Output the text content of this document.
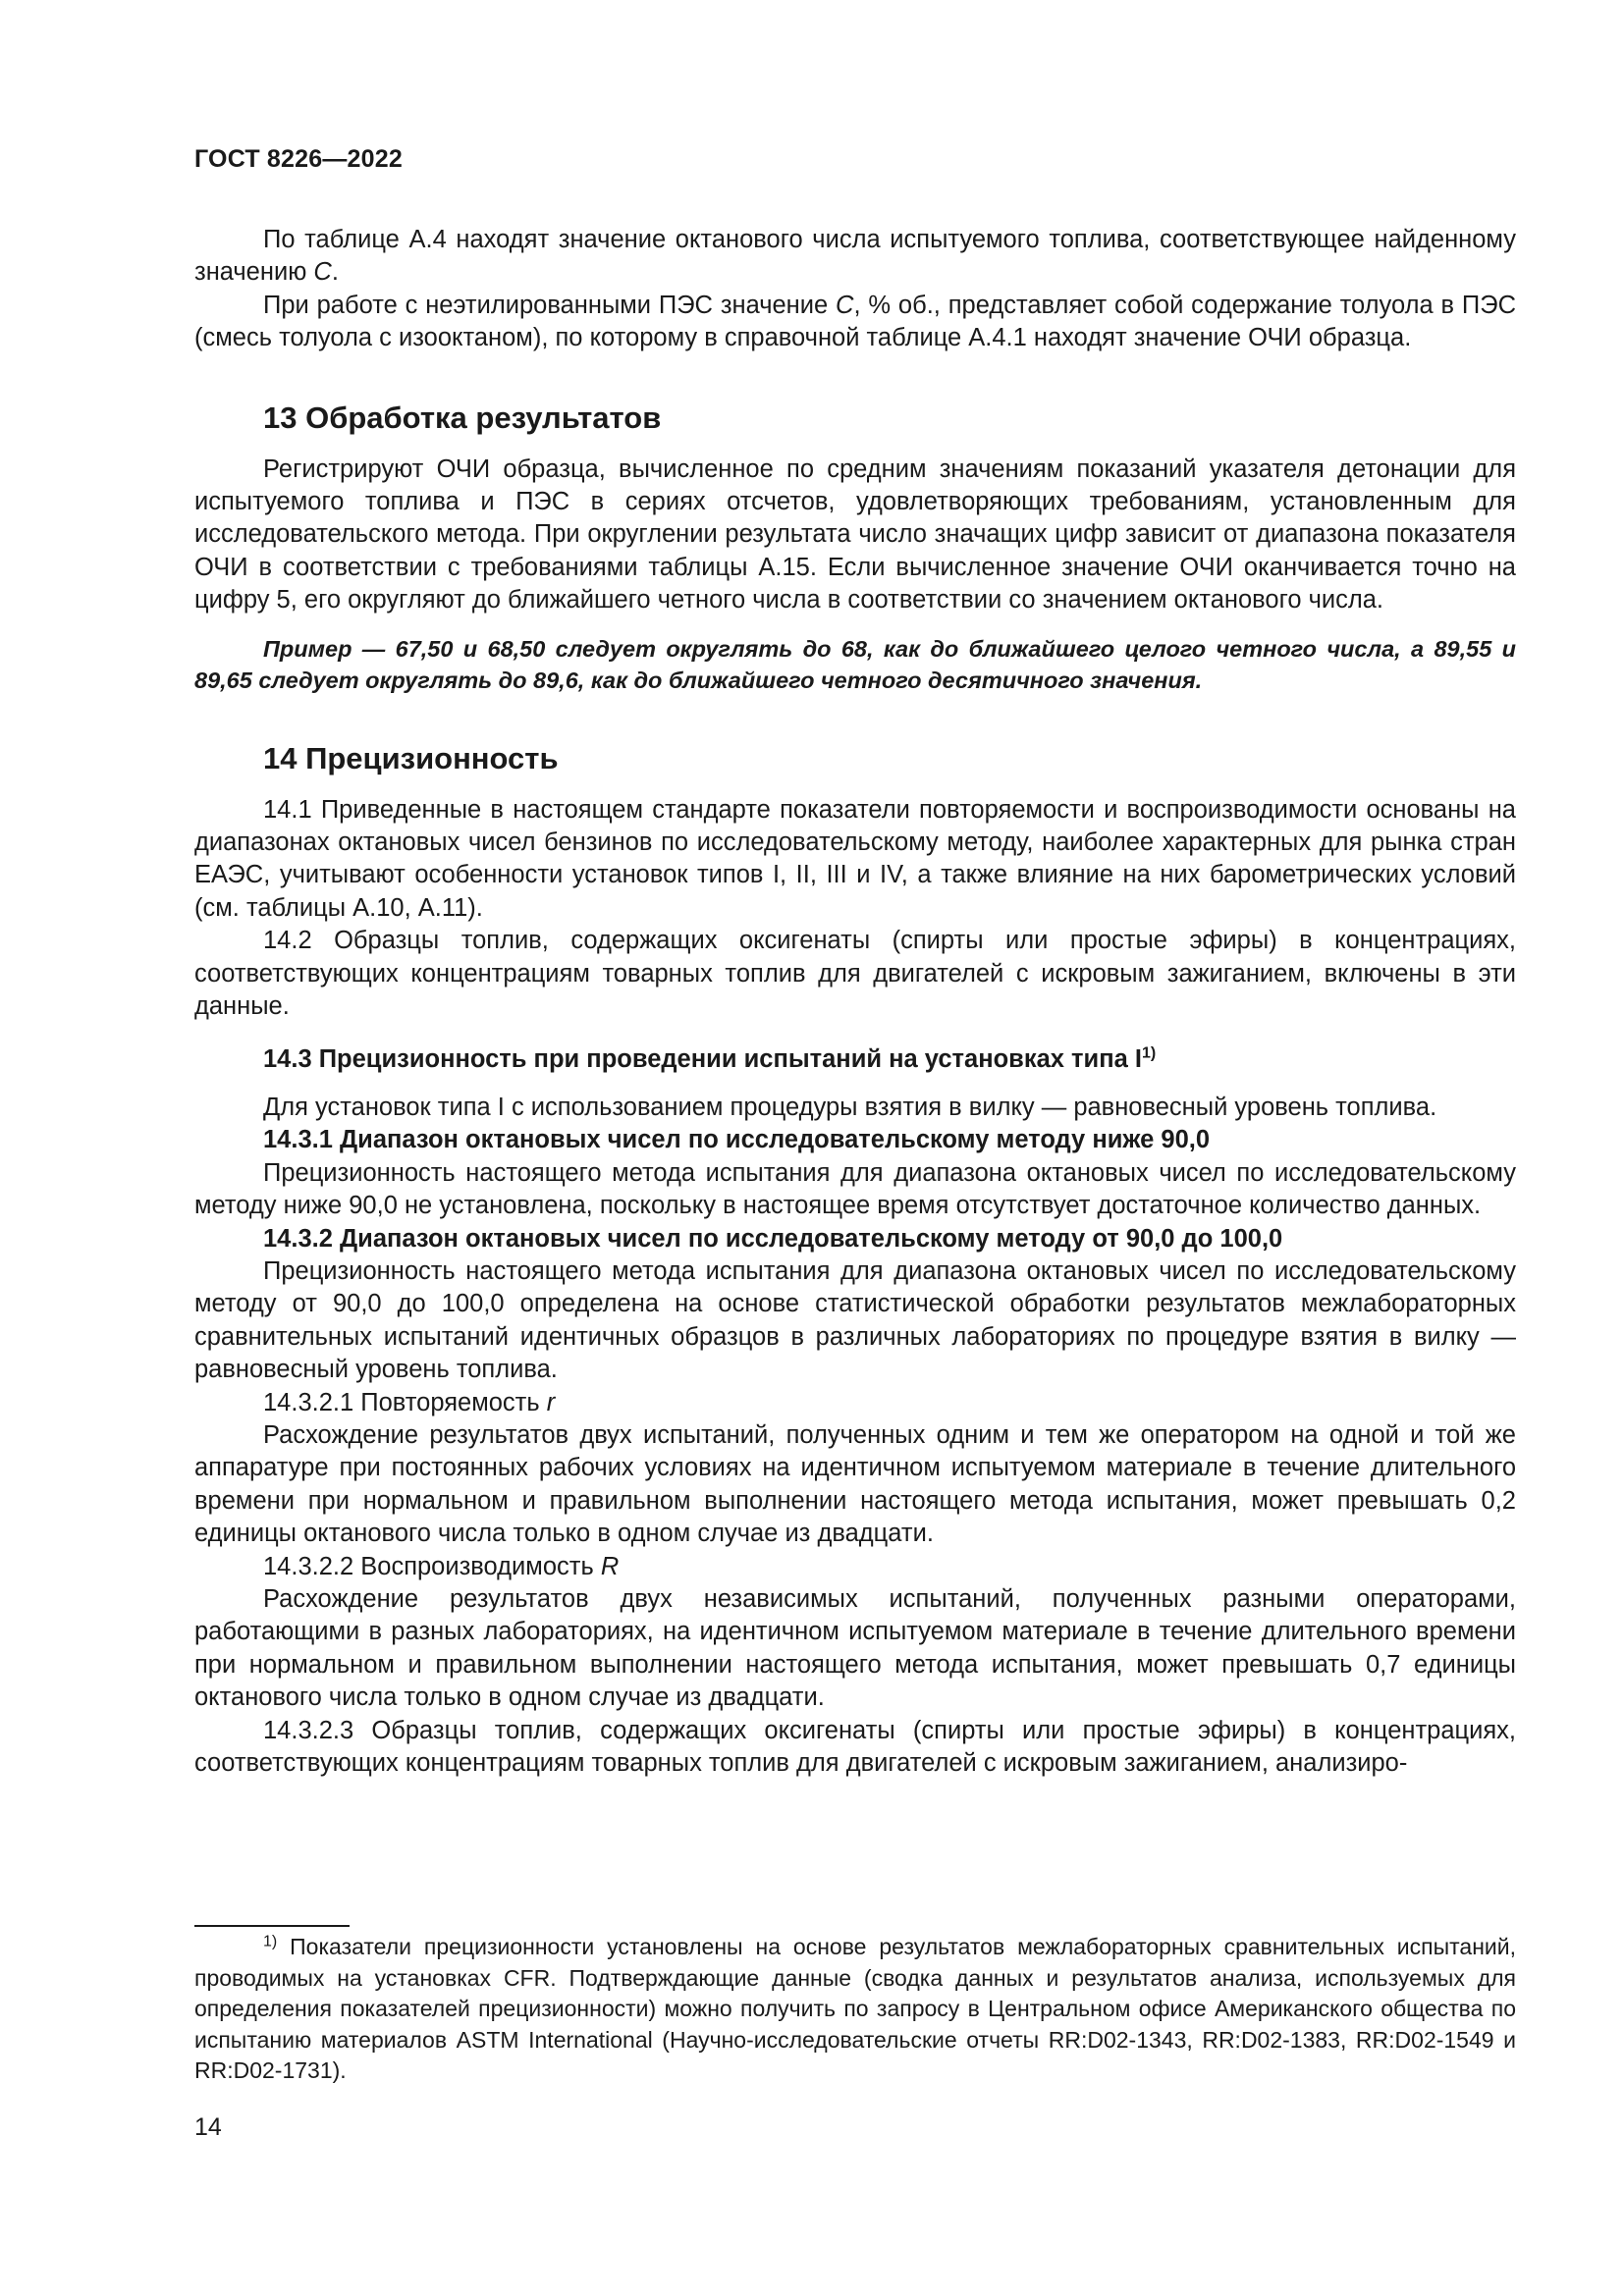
ГОСТ 8226—2022

По таблице А.4 находят значение октанового числа испытуемого топлива, соответствующее найденному значению C.

При работе с неэтилированными ПЭС значение C, % об., представляет собой содержание толуола в ПЭС (смесь толуола с изооктаном), по которому в справочной таблице А.4.1 находят значение ОЧИ образца.

13 Обработка результатов

Регистрируют ОЧИ образца, вычисленное по средним значениям показаний указателя детонации для испытуемого топлива и ПЭС в сериях отсчетов, удовлетворяющих требованиям, установленным для исследовательского метода. При округлении результата число значащих цифр зависит от диапазона показателя ОЧИ в соответствии с требованиями таблицы А.15. Если вычисленное значение ОЧИ оканчивается точно на цифру 5, его округляют до ближайшего четного числа в соответствии со значением октанового числа.

Пример — 67,50 и 68,50 следует округлять до 68, как до ближайшего целого четного числа, а 89,55 и 89,65 следует округлять до 89,6, как до ближайшего четного десятичного значения.

14 Прецизионность

14.1 Приведенные в настоящем стандарте показатели повторяемости и воспроизводимости основаны на диапазонах октановых чисел бензинов по исследовательскому методу, наиболее характерных для рынка стран ЕАЭС, учитывают особенности установок типов I, II, III и IV, а также влияние на них барометрических условий (см. таблицы А.10, А.11).

14.2 Образцы топлив, содержащих оксигенаты (спирты или простые эфиры) в концентрациях, соответствующих концентрациям товарных топлив для двигателей с искровым зажиганием, включены в эти данные.

14.3 Прецизионность при проведении испытаний на установках типа $I^{1)}$

Для установок типа I с использованием процедуры взятия в вилку — равновесный уровень топлива.

14.3.1 Диапазон октановых чисел по исследовательскому методу ниже 90,0

Прецизионность настоящего метода испытания для диапазона октановых чисел по исследовательскому методу ниже 90,0 не установлена, поскольку в настоящее время отсутствует достаточное количество данных.

14.3.2 Диапазон октановых чисел по исследовательскому методу от 90,0 до 100,0

Прецизионность настоящего метода испытания для диапазона октановых чисел по исследовательскому методу от 90,0 до 100,0 определена на основе статистической обработки результатов межлабораторных сравнительных испытаний идентичных образцов в различных лабораториях по процедуре взятия в вилку — равновесный уровень топлива.

14.3.2.1 Повторяемость r

Расхождение результатов двух испытаний, полученных одним и тем же оператором на одной и той же аппаратуре при постоянных рабочих условиях на идентичном испытуемом материале в течение длительного времени при нормальном и правильном выполнении настоящего метода испытания, может превышать 0,2 единицы октанового числа только в одном случае из двадцати.

14.3.2.2 Воспроизводимость R

Расхождение результатов двух независимых испытаний, полученных разными операторами, работающими в разных лабораториях, на идентичном испытуемом материале в течение длительного времени при нормальном и правильном выполнении настоящего метода испытания, может превышать 0,7 единицы октанового числа только в одном случае из двадцати.

14.3.2.3 Образцы топлив, содержащих оксигенаты (спирты или простые эфиры) в концентрациях, соответствующих концентрациям товарных топлив для двигателей с искровым зажиганием, анализиро-

$^{1)}$ Показатели прецизионности установлены на основе результатов межлабораторных сравнительных испытаний, проводимых на установках CFR. Подтверждающие данные (сводка данных и результатов анализа, используемых для определения показателей прецизионности) можно получить по запросу в Центральном офисе Американского общества по испытанию материалов ASTM International (Научно-исследовательские отчеты RR:D02-1343, RR:D02-1383, RR:D02-1549 и RR:D02-1731).
14
